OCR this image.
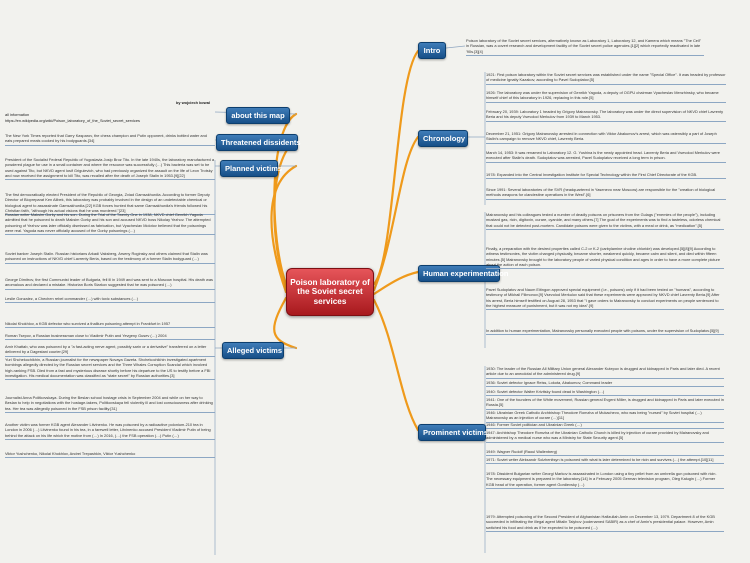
Poison laboratory of the Soviet secret services
Intro
Chronology
Human experimentation
Prominent victims
about this map
Threatened dissidents
Planned victims
Alleged victims
by wojciech kowal
all information
https://en.wikipedia.org/wiki/Poison_laboratory_of_the_Soviet_secret_services
Poison laboratory of the Soviet secret services, alternatively known as Laboratory 1, Laboratory 12, and Kamera which means "The Cell" in Russian, was a covert research and development facility of the Soviet secret police agencies.[1][2] which reportedly reactivated in late '90s.[3][4]
1921: First poison laboratory within the Soviet secret services was established under the name "Special Office". It was headed by professor of medicine Ignatiy Kazakov, according to Pavel Sudoplatov.[5]
1926: The laboratory was under the supervision of Genrikh Yagoda, a deputy of OGPU chairman Vyacheslav Menzhinsky, who became himself chief of this laboratory in 1926, replacing in this role.[5]
February 20, 1939: Laboratory 1 headed by Grigory Mairanovsky. The laboratory was under the direct supervision of NKVD chief Lavrenty Beria and his deputy Vsevolod Merkulov from 1939 to March 1953.
December 21, 1951: Grigory Mairanovsky arrested in connection with Viktor Abakumov's arrest, which was ostensibly a part of Joseph Stalin's campaign to remove NKVD chief, Lavrenty Beria.
March 14, 1953: It was renamed to Laboratory 12. G. Yushina is the newly appointed head. Lavrenty Beria and Vsevolod Merkulov were executed after Stalin's death. Sudoplatov was arrested, Pavel Sudoplatov received a long term in prison.
1978: Expanded into the Central Investigation Institute for Special Technology within the First Chief Directorate of the KGB.
Since 1991: Several laboratories of the SVR (headquartered in Yasenevo near Moscow) are responsible for the "creation of biological methods weapons for clandestine operations in the West".[6]
Mairanovsky and his colleagues tested a number of deadly poisons on prisoners from the Gulags ("enemies of the people"), including mustard gas, ricin, digitoxin, curare, cyanide, and many others.[7] The goal of the experiments was to find a tasteless, odorless chemical that could not be detected post-mortem. Candidate poisons were given to the victims, with a meal or drink, as "medication".[5]
Finally, a preparation with the desired properties called C-2 or K-2 (carbylamine choline chloride) was developed.[5][8][9] According to witness testimonies, the victim changed physically, became shorter, weakened quickly, became calm and silent, and died within fifteen minutes.[5] Mairanovsky brought to the laboratory people of varied physical condition and ages in order to have a more complete picture about the action of each poison.
Pavel Sudoplatov and Naum Eitingon approved special equipment (i.e., poisons) only if it had been tested on "humans", according to testimony of Mikhail Filimonov.[9] Vsevolod Merkulov said that these experiments were approved by NKVD chief Lavrenty Beria.[9] After his arrest, Beria himself testified on August 28, 1953 that "I gave orders to Mairanovsky to conduct experiments on people sentenced to the highest measure of punishment, but it was not my idea".[9]
In addition to human experimentation, Mairanovsky personally executed people with poisons, under the supervision of Sudoplatov.[5][9]
The New York Times reported that Garry Kasparov, the chess champion and Putin opponent, drinks bottled water and eats prepared meals cooked by his bodyguards.[34]
President of the Socialist Federal Republic of Yugoslavia Josip Broz Tito. In the late 1940s, the laboratory manufactured a powdered plague for use in a small container and where the resource was successfully (…) This bacteria was set to be used against Tito, but NKVD agent Iosif Grigulevich, who had previously organized the assault on the life of Leon Trotsky and now received the assignment to kill Tito, was recalled after the death of Joseph Stalin in 1953.[9][22]
The first democratically elected President of the Republic of Georgia, Zviad Gamsakhurdia. According to former Deputy Director of Biopreparat Ken Alibek, this laboratory was probably involved in the design of an undetectable chemical or biological agent to assassinate Gamsakhurdia.[22] KGB forces hunted that same Gamsakhurdia's friends followed his Christian faith, "although his actual visions that he was murdered."[23]
Russian writer Maksim Gorky and his son. During the Trial of the Twenty One in 1938, NKVD chief Genrikh Yagoda admitted that he poisoned to death Maksim Gorky and his son and accused NKVD boss Nikolay Yezhov. The attempted poisoning of Yezhov was later officially dismissed as fabrication, but Vyacheslav Molotov believed that the poisonings were real. Yagoda was never officially accused of the Gorky poisonings (…)
Soviet banker Joseph Stalin. Russian historians Arkadi Vaksberg, Arseny Roginsky and others claimed that Stalin was poisoned on instructions of NKVD chief Lavrenty Beria, based on the testimony of a former Stalin bodyguard (…)
George Dimitrov, the first Communist leader of Bulgaria, fell ill in 1949 and was sent to a Moscow hospital. His death was anomalous and declared a mistake. Historian Boris Starkov suggested that he was poisoned (…)
Leslie Gonzalez, a Chechen rebel commander (…) with toxic substances (…)
Nikolai Khokhlov, a KGB defector who survived a thallium poisoning attempt in Frankfurt in 1957
Roman Tsepov, a Russian businessman close to Vladimir Putin and Yevgeny Gusev (…) 2004
Amir Khattab, who was poisoned by a "a fast-acting nerve agent, possibly sarin or a derivative" transferred on a letter delivered by a Dagestani courier.[29]
Yuri Shchekochikhin, a Russian journalist for the newspaper Novaya Gazeta. Shchekochikhin investigated apartment bombings allegedly directed by the Russian secret services and the Three Whales Corruption Scandal which involved high-ranking FSB. Died from a fast and mysterious disease shortly before his departure to the US to testify before a FBI investigation. His medical documentation was classified as "state secret" by Russian authorities.[3]
Journalist Anna Politkovskaya. During the Beslan school hostage crisis in September 2004 and while on her way to Beslan to help in negotiations with the hostage-takers, Politkovskaya fell violently ill and lost consciousness after drinking tea. Her tea was allegedly poisoned in the FSB prison facility.[31]
Another victim was former KGB agent Alexander Litvinenko. He was poisoned by a radioactive polonium-210 tea in London in 2006 (…) Litvinenko found in his tea, in a farewell letter, Litvinenko accused President Vladimir Putin of being behind the attack on his life which the motive from (…) In 2016, (…) the FSB operation (…) Putin (…)
Viktor Yushchenko, Nikolai Khokhlov, Andrei Trepashkin, Viktor Yushchenko
1930: The leader of the Russian All Military Union general Alexander Kutepov is drugged and kidnapped in Paris and later died. A recent article due to an anecdotal of the administered drug.[9]
1936: Soviet defector Ignace Reiss, Lokota, Abakumov, Command leader
1940: Soviet defector Walter Krivitsky found dead in Washington (…)
1941: One of the founders of the White movement, Russian general Evgeni Miller, is drugged and kidnapped in Paris and later executed in Russia.[5]
1946: Ukrainian Greek Catholic Archbishop Theodore Romzha of Mukachevo, who was being "nursed" by Soviet hospital (…) Mairanovsky as an injection of curare (…)[11]
1946: Former Soviet politician and Ukrainian Greek (…)
1947: Archbishop Theodore Romzha of the Ukrainian Catholic Church is killed by injection of curare provided by Mairanovsky and administered by a medical nurse who was a Ministry for State Security agent.[5]
1949: Wagner Rudolf (Raoul Wallenberg)
1971: Soviet writer Aleksandr Solzhenitsyn is poisoned with what is later determined to be ricin and survives (…) the attempt.[10][11]
1978: Dissident Bulgarian writer Georgi Markov is assassinated in London using a tiny pellet from an umbrella gun poisoned with ricin. The necessary equipment is prepared in the laboratory.[14] In a February 2005 German television program, Oleg Kalugin (…) Former KGB head of the operation, former agent Gordievsky (…)
1979: Attempted poisoning of the Second President of Afghanistan Hafizullah Amin on December 13, 1979. Department 8 of the KGB succeeded in infiltrating the illegal agent Mitalin Talybov (codenamed SABIR) as a chef of Amin's presidential palace. However, Amin switched his food and drink as if he expected to be poisoned (…)
